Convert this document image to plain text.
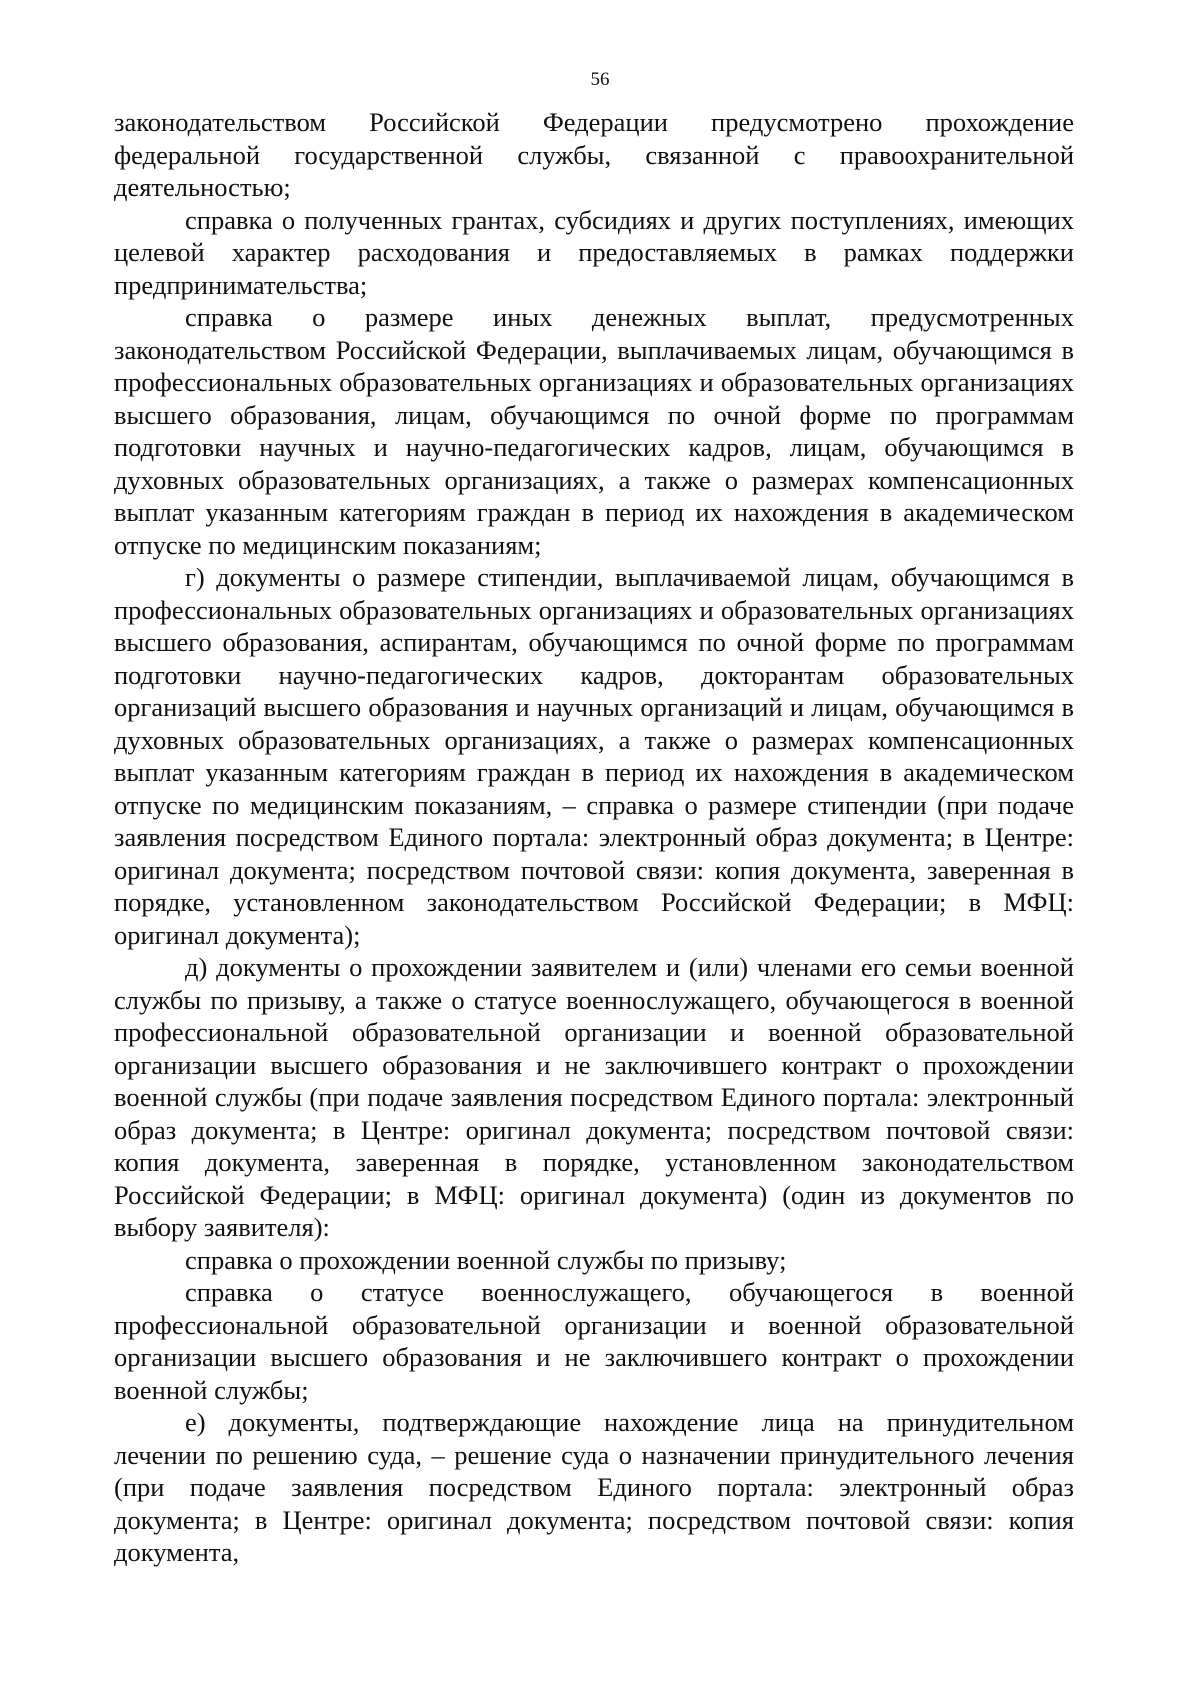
56

законодательством Российской Федерации предусмотрено прохождение федеральной государственной службы, связанной с правоохранительной деятельностью;

справка о полученных грантах, субсидиях и других поступлениях, имеющих целевой характер расходования и предоставляемых в рамках поддержки предпринимательства;

справка о размере иных денежных выплат, предусмотренных законодательством Российской Федерации, выплачиваемых лицам, обучающимся в профессиональных образовательных организациях и образовательных организациях высшего образования, лицам, обучающимся по очной форме по программам подготовки научных и научно-педагогических кадров, лицам, обучающимся в духовных образовательных организациях, а также о размерах компенсационных выплат указанным категориям граждан в период их нахождения в академическом отпуске по медицинским показаниям;

г) документы о размере стипендии, выплачиваемой лицам, обучающимся в профессиональных образовательных организациях и образовательных организациях высшего образования, аспирантам, обучающимся по очной форме по программам подготовки научно-педагогических кадров, докторантам образовательных организаций высшего образования и научных организаций и лицам, обучающимся в духовных образовательных организациях, а также о размерах компенсационных выплат указанным категориям граждан в период их нахождения в академическом отпуске по медицинским показаниям, – справка о размере стипендии (при подаче заявления посредством Единого портала: электронный образ документа; в Центре: оригинал документа; посредством почтовой связи: копия документа, заверенная в порядке, установленном законодательством Российской Федерации; в МФЦ: оригинал документа);

д) документы о прохождении заявителем и (или) членами его семьи военной службы по призыву, а также о статусе военнослужащего, обучающегося в военной профессиональной образовательной организации и военной образовательной организации высшего образования и не заключившего контракт о прохождении военной службы (при подаче заявления посредством Единого портала: электронный образ документа; в Центре: оригинал документа; посредством почтовой связи: копия документа, заверенная в порядке, установленном законодательством Российской Федерации; в МФЦ: оригинал документа) (один из документов по выбору заявителя):

справка о прохождении военной службы по призыву;

справка о статусе военнослужащего, обучающегося в военной профессиональной образовательной организации и военной образовательной организации высшего образования и не заключившего контракт о прохождении военной службы;

е) документы, подтверждающие нахождение лица на принудительном лечении по решению суда, – решение суда о назначении принудительного лечения (при подаче заявления посредством Единого портала: электронный образ документа; в Центре: оригинал документа; посредством почтовой связи: копия документа,
